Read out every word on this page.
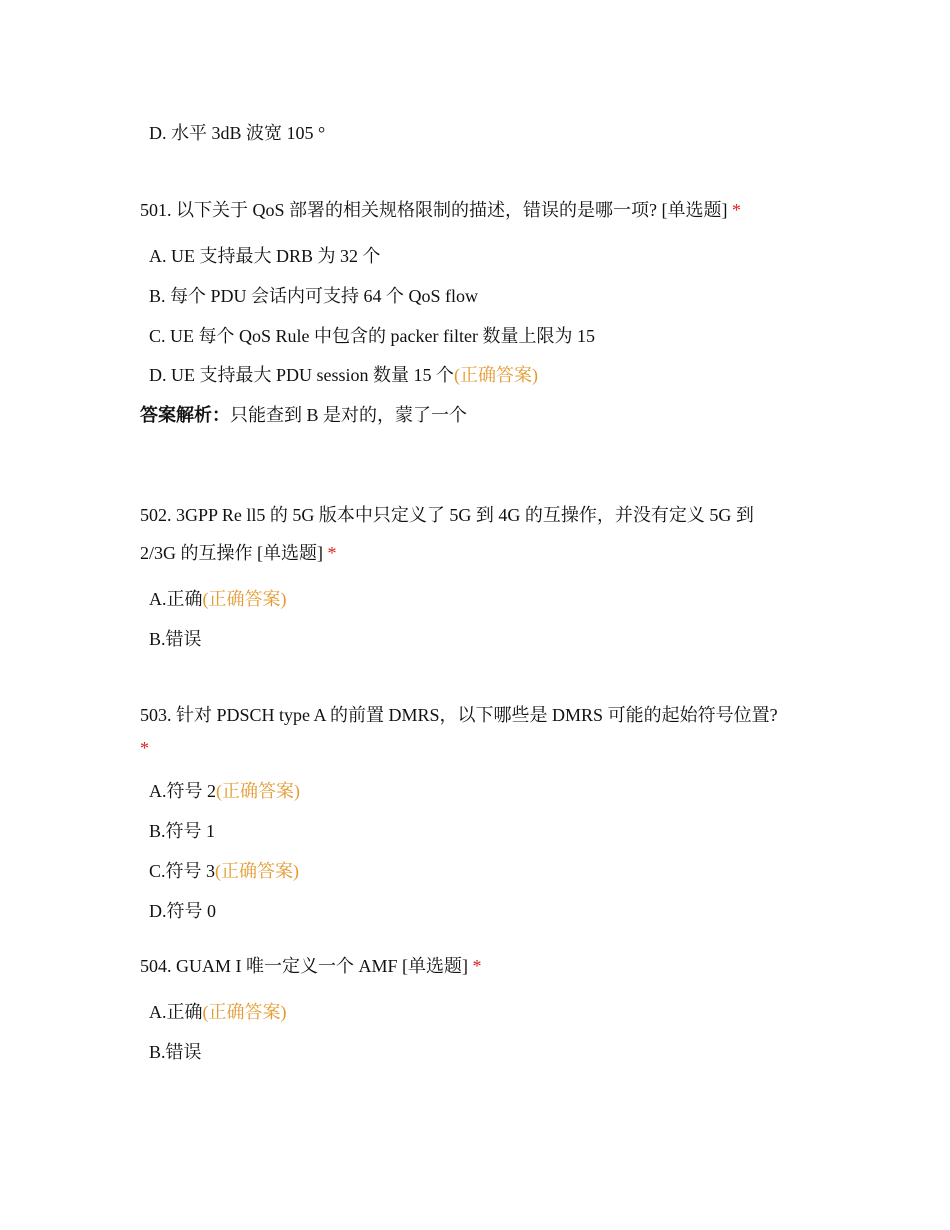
D. 水平 3dB 波宽 105 °
501. 以下关于 QoS 部署的相关规格限制的描述，错误的是哪一项? [单选题] *
A. UE 支持最大 DRB 为 32 个
B. 每个 PDU 会话内可支持 64 个 QoS flow
C. UE 每个 QoS Rule 中包含的 packer filter 数量上限为 15
D. UE 支持最大 PDU session 数量 15 个(正确答案)
答案解析：只能查到 B 是对的，蒙了一个
502. 3GPP Re ll5 的 5G 版本中只定义了 5G 到 4G 的互操作，并没有定义 5G 到
2/3G 的互操作 [单选题] *
A.正确(正确答案)
B.错误
503. 针对 PDSCH type A 的前置 DMRS，以下哪些是 DMRS 可能的起始符号位置?
*
A.符号 2(正确答案)
B.符号 1
C.符号 3(正确答案)
D.符号 0
504. GUAM I 唯一定义一个 AMF [单选题] *
A.正确(正确答案)
B.错误
